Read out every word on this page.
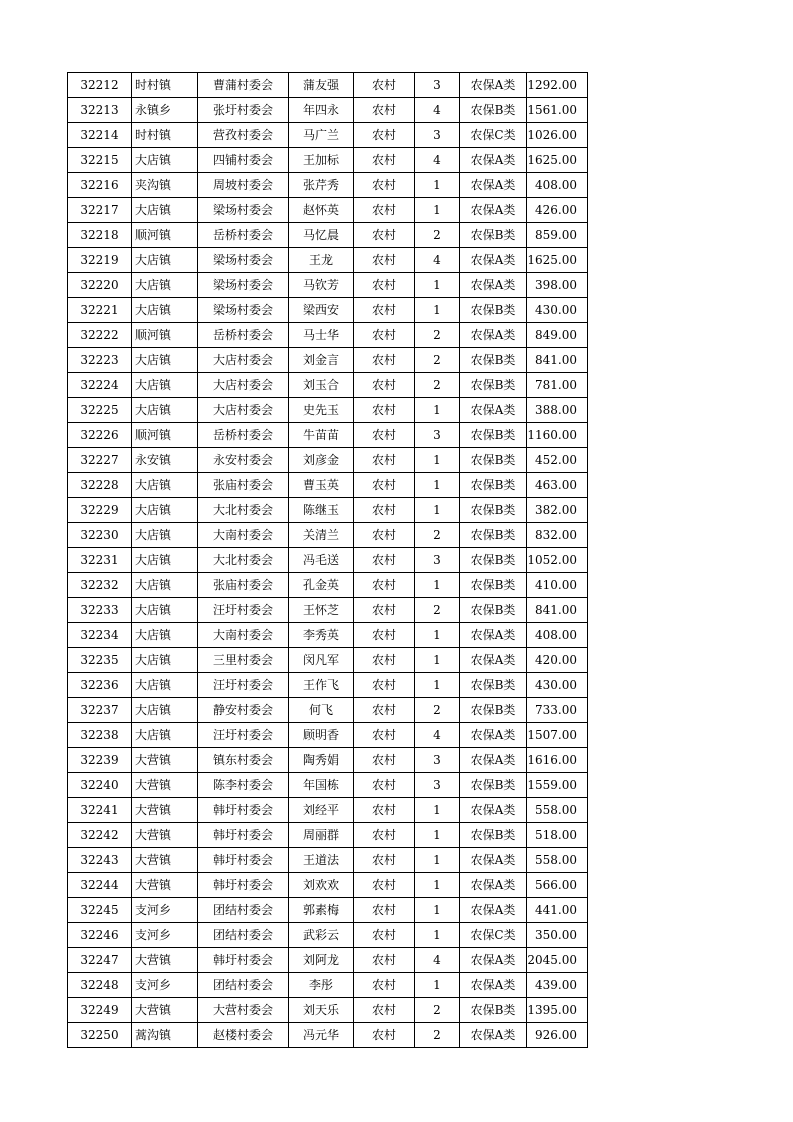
32212	时村镇	曹蒲村委会	蒲友强	农村	3	农保A类	1292.00
32213	永镇乡	张圩村委会	年四永	农村	4	农保B类	1561.00
32214	时村镇	营孜村委会	马广兰	农村	3	农保C类	1026.00
32215	大店镇	四铺村委会	王加标	农村	4	农保A类	1625.00
32216	夹沟镇	周坡村委会	张芹秀	农村	1	农保A类	408.00
32217	大店镇	梁场村委会	赵怀英	农村	1	农保A类	426.00
32218	顺河镇	岳桥村委会	马忆晨	农村	2	农保B类	859.00
32219	大店镇	梁场村委会	王龙	农村	4	农保A类	1625.00
32220	大店镇	梁场村委会	马钦芳	农村	1	农保A类	398.00
32221	大店镇	梁场村委会	梁西安	农村	1	农保B类	430.00
32222	顺河镇	岳桥村委会	马士华	农村	2	农保A类	849.00
32223	大店镇	大店村委会	刘金言	农村	2	农保B类	841.00
32224	大店镇	大店村委会	刘玉合	农村	2	农保B类	781.00
32225	大店镇	大店村委会	史先玉	农村	1	农保A类	388.00
32226	顺河镇	岳桥村委会	牛苗苗	农村	3	农保B类	1160.00
32227	永安镇	永安村委会	刘彦金	农村	1	农保B类	452.00
32228	大店镇	张庙村委会	曹玉英	农村	1	农保B类	463.00
32229	大店镇	大北村委会	陈继玉	农村	1	农保B类	382.00
32230	大店镇	大南村委会	关清兰	农村	2	农保B类	832.00
32231	大店镇	大北村委会	冯毛送	农村	3	农保B类	1052.00
32232	大店镇	张庙村委会	孔金英	农村	1	农保B类	410.00
32233	大店镇	汪圩村委会	王怀芝	农村	2	农保B类	841.00
32234	大店镇	大南村委会	李秀英	农村	1	农保A类	408.00
32235	大店镇	三里村委会	闵凡军	农村	1	农保A类	420.00
32236	大店镇	汪圩村委会	王作飞	农村	1	农保B类	430.00
32237	大店镇	静安村委会	何飞	农村	2	农保B类	733.00
32238	大店镇	汪圩村委会	顾明香	农村	4	农保A类	1507.00
32239	大营镇	镇东村委会	陶秀娟	农村	3	农保A类	1616.00
32240	大营镇	陈李村委会	年国栋	农村	3	农保B类	1559.00
32241	大营镇	韩圩村委会	刘经平	农村	1	农保A类	558.00
32242	大营镇	韩圩村委会	周丽群	农村	1	农保B类	518.00
32243	大营镇	韩圩村委会	王道法	农村	1	农保A类	558.00
32244	大营镇	韩圩村委会	刘欢欢	农村	1	农保A类	566.00
32245	支河乡	团结村委会	郭素梅	农村	1	农保A类	441.00
32246	支河乡	团结村委会	武彩云	农村	1	农保C类	350.00
32247	大营镇	韩圩村委会	刘阿龙	农村	4	农保A类	2045.00
32248	支河乡	团结村委会	李彤	农村	1	农保A类	439.00
32249	大营镇	大营村委会	刘天乐	农村	2	农保B类	1395.00
32250	蒿沟镇	赵楼村委会	冯元华	农村	2	农保A类	926.00
